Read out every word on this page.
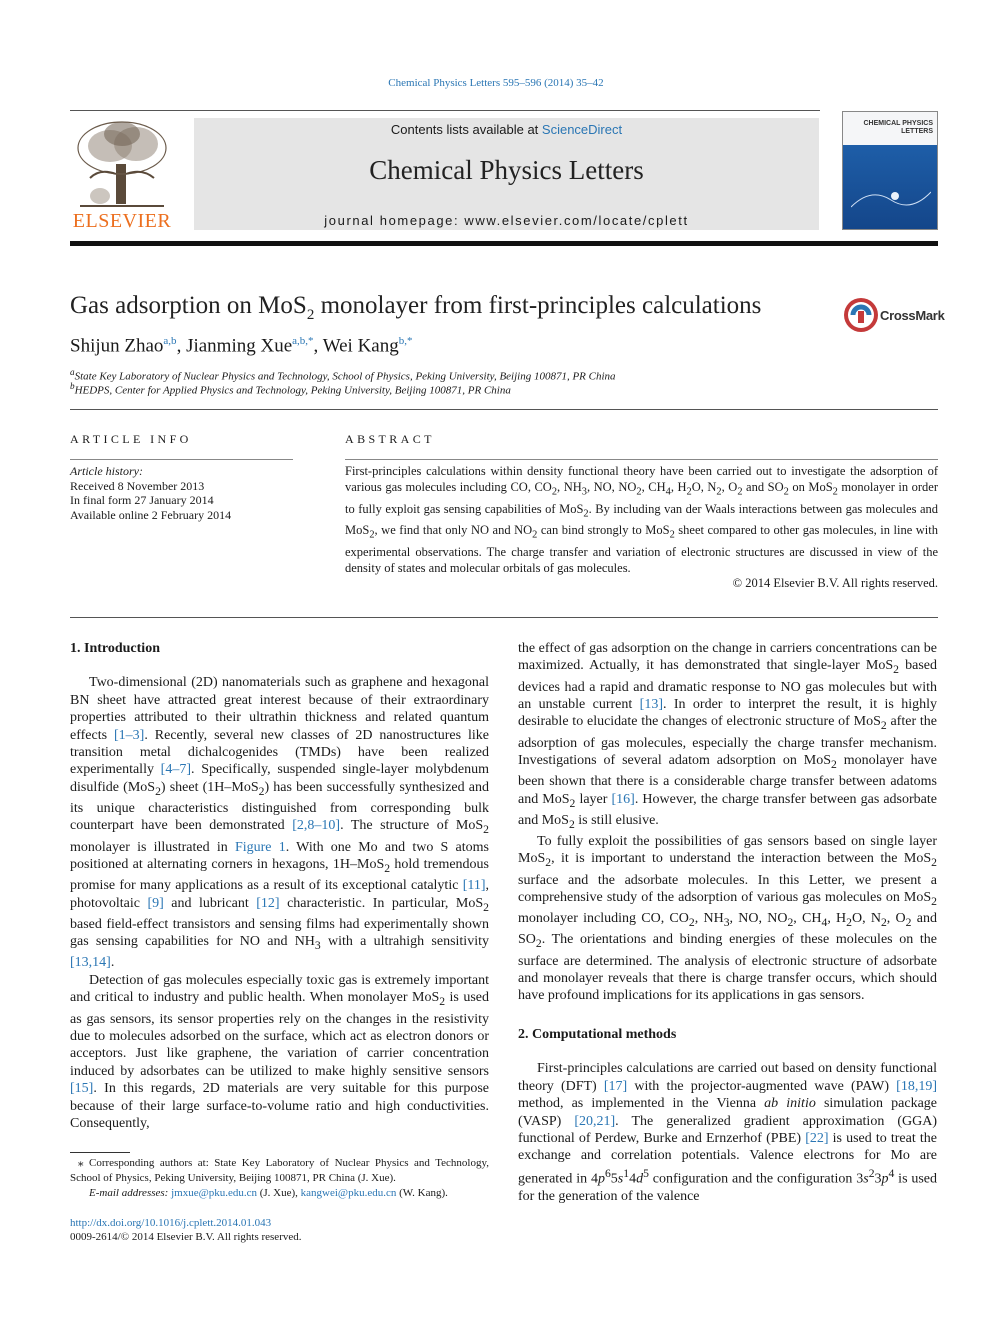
Chemical Physics Letters 595–596 (2014) 35–42
ELSEVIER
Contents lists available at ScienceDirect
Chemical Physics Letters
journal homepage: www.elsevier.com/locate/cplett
CHEMICAL PHYSICS LETTERS
Gas adsorption on MoS$_2$ monolayer from first-principles calculations	CrossMark
Shijun Zhao$^{a,b}$, Jianming Xue$^{a,b,*}$, Wei Kang$^{b,*}$
$^a$State Key Laboratory of Nuclear Physics and Technology, School of Physics, Peking University, Beijing 100871, PR China
$^b$HEDPS, Center for Applied Physics and Technology, Peking University, Beijing 100871, PR China
ARTICLE INFO
Article history:
Received 8 November 2013
In final form 27 January 2014
Available online 2 February 2014
ABSTRACT

First-principles calculations within density functional theory have been carried out to investigate the adsorption of various gas molecules including CO, $CO_2$, $NH_3$, NO, $NO_2$, $CH_4$, $H_2O$, $N_2$, $O_2$ and $SO_2$ on MoS$_2$ monolayer in order to fully exploit gas sensing capabilities of MoS$_2$. By including van der Waals interactions between gas molecules and MoS$_2$, we find that only NO and $NO_2$ can bind strongly to MoS$_2$ sheet compared to other gas molecules, in line with experimental observations. The charge transfer and variation of electronic structures are discussed in view of the density of states and molecular orbitals of gas molecules.

© 2014 Elsevier B.V. All rights reserved.
1. Introduction

Two-dimensional (2D) nanomaterials such as graphene and hexagonal BN sheet have attracted great interest because of their extraordinary properties attributed to their ultrathin thickness and related quantum effects [1–3]. Recently, several new classes of 2D nanostructures like transition metal dichalcogenides (TMDs) have been realized experimentally [4–7]. Specifically, suspended single-layer molybdenum disulfide (MoS$_2$) sheet (1H–MoS$_2$) has been successfully synthesized and its unique characteristics distinguished from corresponding bulk counterpart have been demonstrated [2,8–10]. The structure of MoS$_2$ monolayer is illustrated in Figure 1. With one Mo and two S atoms positioned at alternating corners in hexagons, 1H–MoS$_2$ hold tremendous promise for many applications as a result of its exceptional catalytic [11], photovoltaic [9] and lubricant [12] characteristic. In particular, MoS$_2$ based field-effect transistors and sensing films had experimentally shown gas sensing capabilities for NO and $NH_3$ with a ultrahigh sensitivity [13,14].

Detection of gas molecules especially toxic gas is extremely important and critical to industry and public health. When monolayer MoS$_2$ is used as gas sensors, its sensor properties rely on the changes in the resistivity due to molecules adsorbed on the surface, which act as electron donors or acceptors. Just like graphene, the variation of carrier concentration induced by adsorbates can be utilized to make highly sensitive sensors [15]. In this regards, 2D materials are very suitable for this purpose because of their large surface-to-volume ratio and high conductivities. Consequently,

⁎ Corresponding authors at: State Key Laboratory of Nuclear Physics and Technology, School of Physics, Peking University, Beijing 100871, PR China (J. Xue).
E-mail addresses: jmxue@pku.edu.cn (J. Xue), kangwei@pku.edu.cn (W. Kang).
http://dx.doi.org/10.1016/j.cplett.2014.01.043
0009-2614/© 2014 Elsevier B.V. All rights reserved.

the effect of gas adsorption on the change in carriers concentrations can be maximized. Actually, it has demonstrated that single-layer MoS$_2$ based devices had a rapid and dramatic response to NO gas molecules but with an unstable current [13]. In order to interpret the result, it is highly desirable to elucidate the changes of electronic structure of MoS$_2$ after the adsorption of gas molecules, especially the charge transfer mechanism. Investigations of several adatom adsorption on MoS$_2$ monolayer have been shown that there is a considerable charge transfer between adatoms and MoS$_2$ layer [16]. However, the charge transfer between gas adsorbate and MoS$_2$ is still elusive.

To fully exploit the possibilities of gas sensors based on single layer MoS$_2$, it is important to understand the interaction between the MoS$_2$ surface and the adsorbate molecules. In this Letter, we present a comprehensive study of the adsorption of various gas molecules on MoS$_2$ monolayer including CO, $CO_2$, $NH_3$, NO, $NO_2$, $CH_4$, $H_2O$, $N_2$, $O_2$ and $SO_2$. The orientations and binding energies of these molecules on the surface are determined. The analysis of electronic structure of adsorbate and monolayer reveals that there is charge transfer occurs, which should have profound implications for its applications in gas sensors.

2. Computational methods

First-principles calculations are carried out based on density functional theory (DFT) [17] with the projector-augmented wave (PAW) [18,19] method, as implemented in the Vienna ab initio simulation package (VASP) [20,21]. The generalized gradient approximation (GGA) functional of Perdew, Burke and Ernzerhof (PBE) [22] is used to treat the exchange and correlation potentials. Valence electrons for Mo are generated in $4p^65s^14d^5$ configuration and the configuration $3s^23p^4$ is used for the generation of the valence
